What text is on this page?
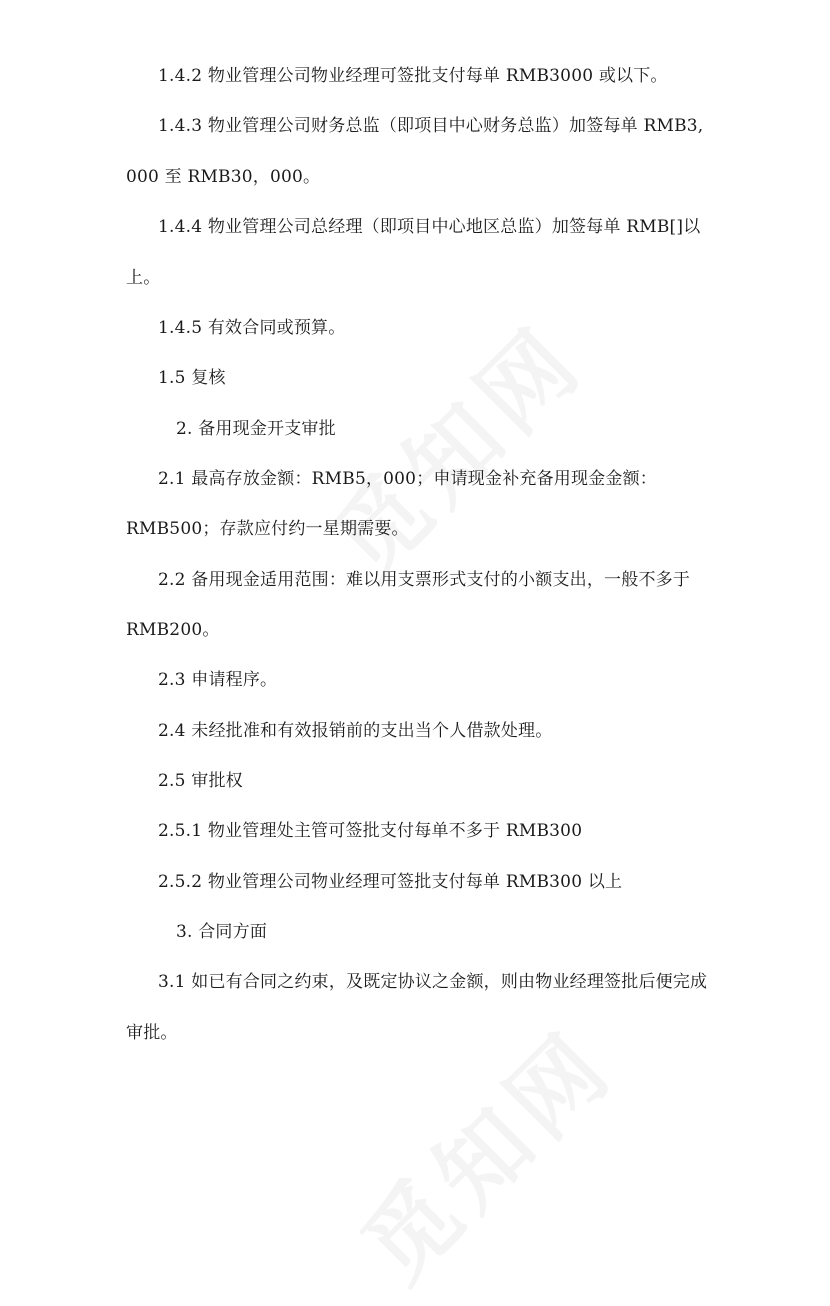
1.4.2 物业管理公司物业经理可签批支付每单 RMB3000 或以下。
1.4.3 物业管理公司财务总监（即项目中心财务总监）加签每单 RMB3,
000 至 RMB30，000。
1.4.4 物业管理公司总经理（即项目中心地区总监）加签每单 RMB[]以
上。
1.4.5 有效合同或预算。
1.5 复核
2. 备用现金开支审批
2.1 最高存放金额：RMB5，000；申请现金补充备用现金金额：
RMB500；存款应付约一星期需要。
2.2 备用现金适用范围：难以用支票形式支付的小额支出，一般不多于
RMB200。
2.3 申请程序。
2.4 未经批准和有效报销前的支出当个人借款处理。
2.5 审批权
2.5.1 物业管理处主管可签批支付每单不多于 RMB300
2.5.2 物业管理公司物业经理可签批支付每单 RMB300 以上
3. 合同方面
3.1 如已有合同之约束，及既定协议之金额，则由物业经理签批后便完成
审批。
